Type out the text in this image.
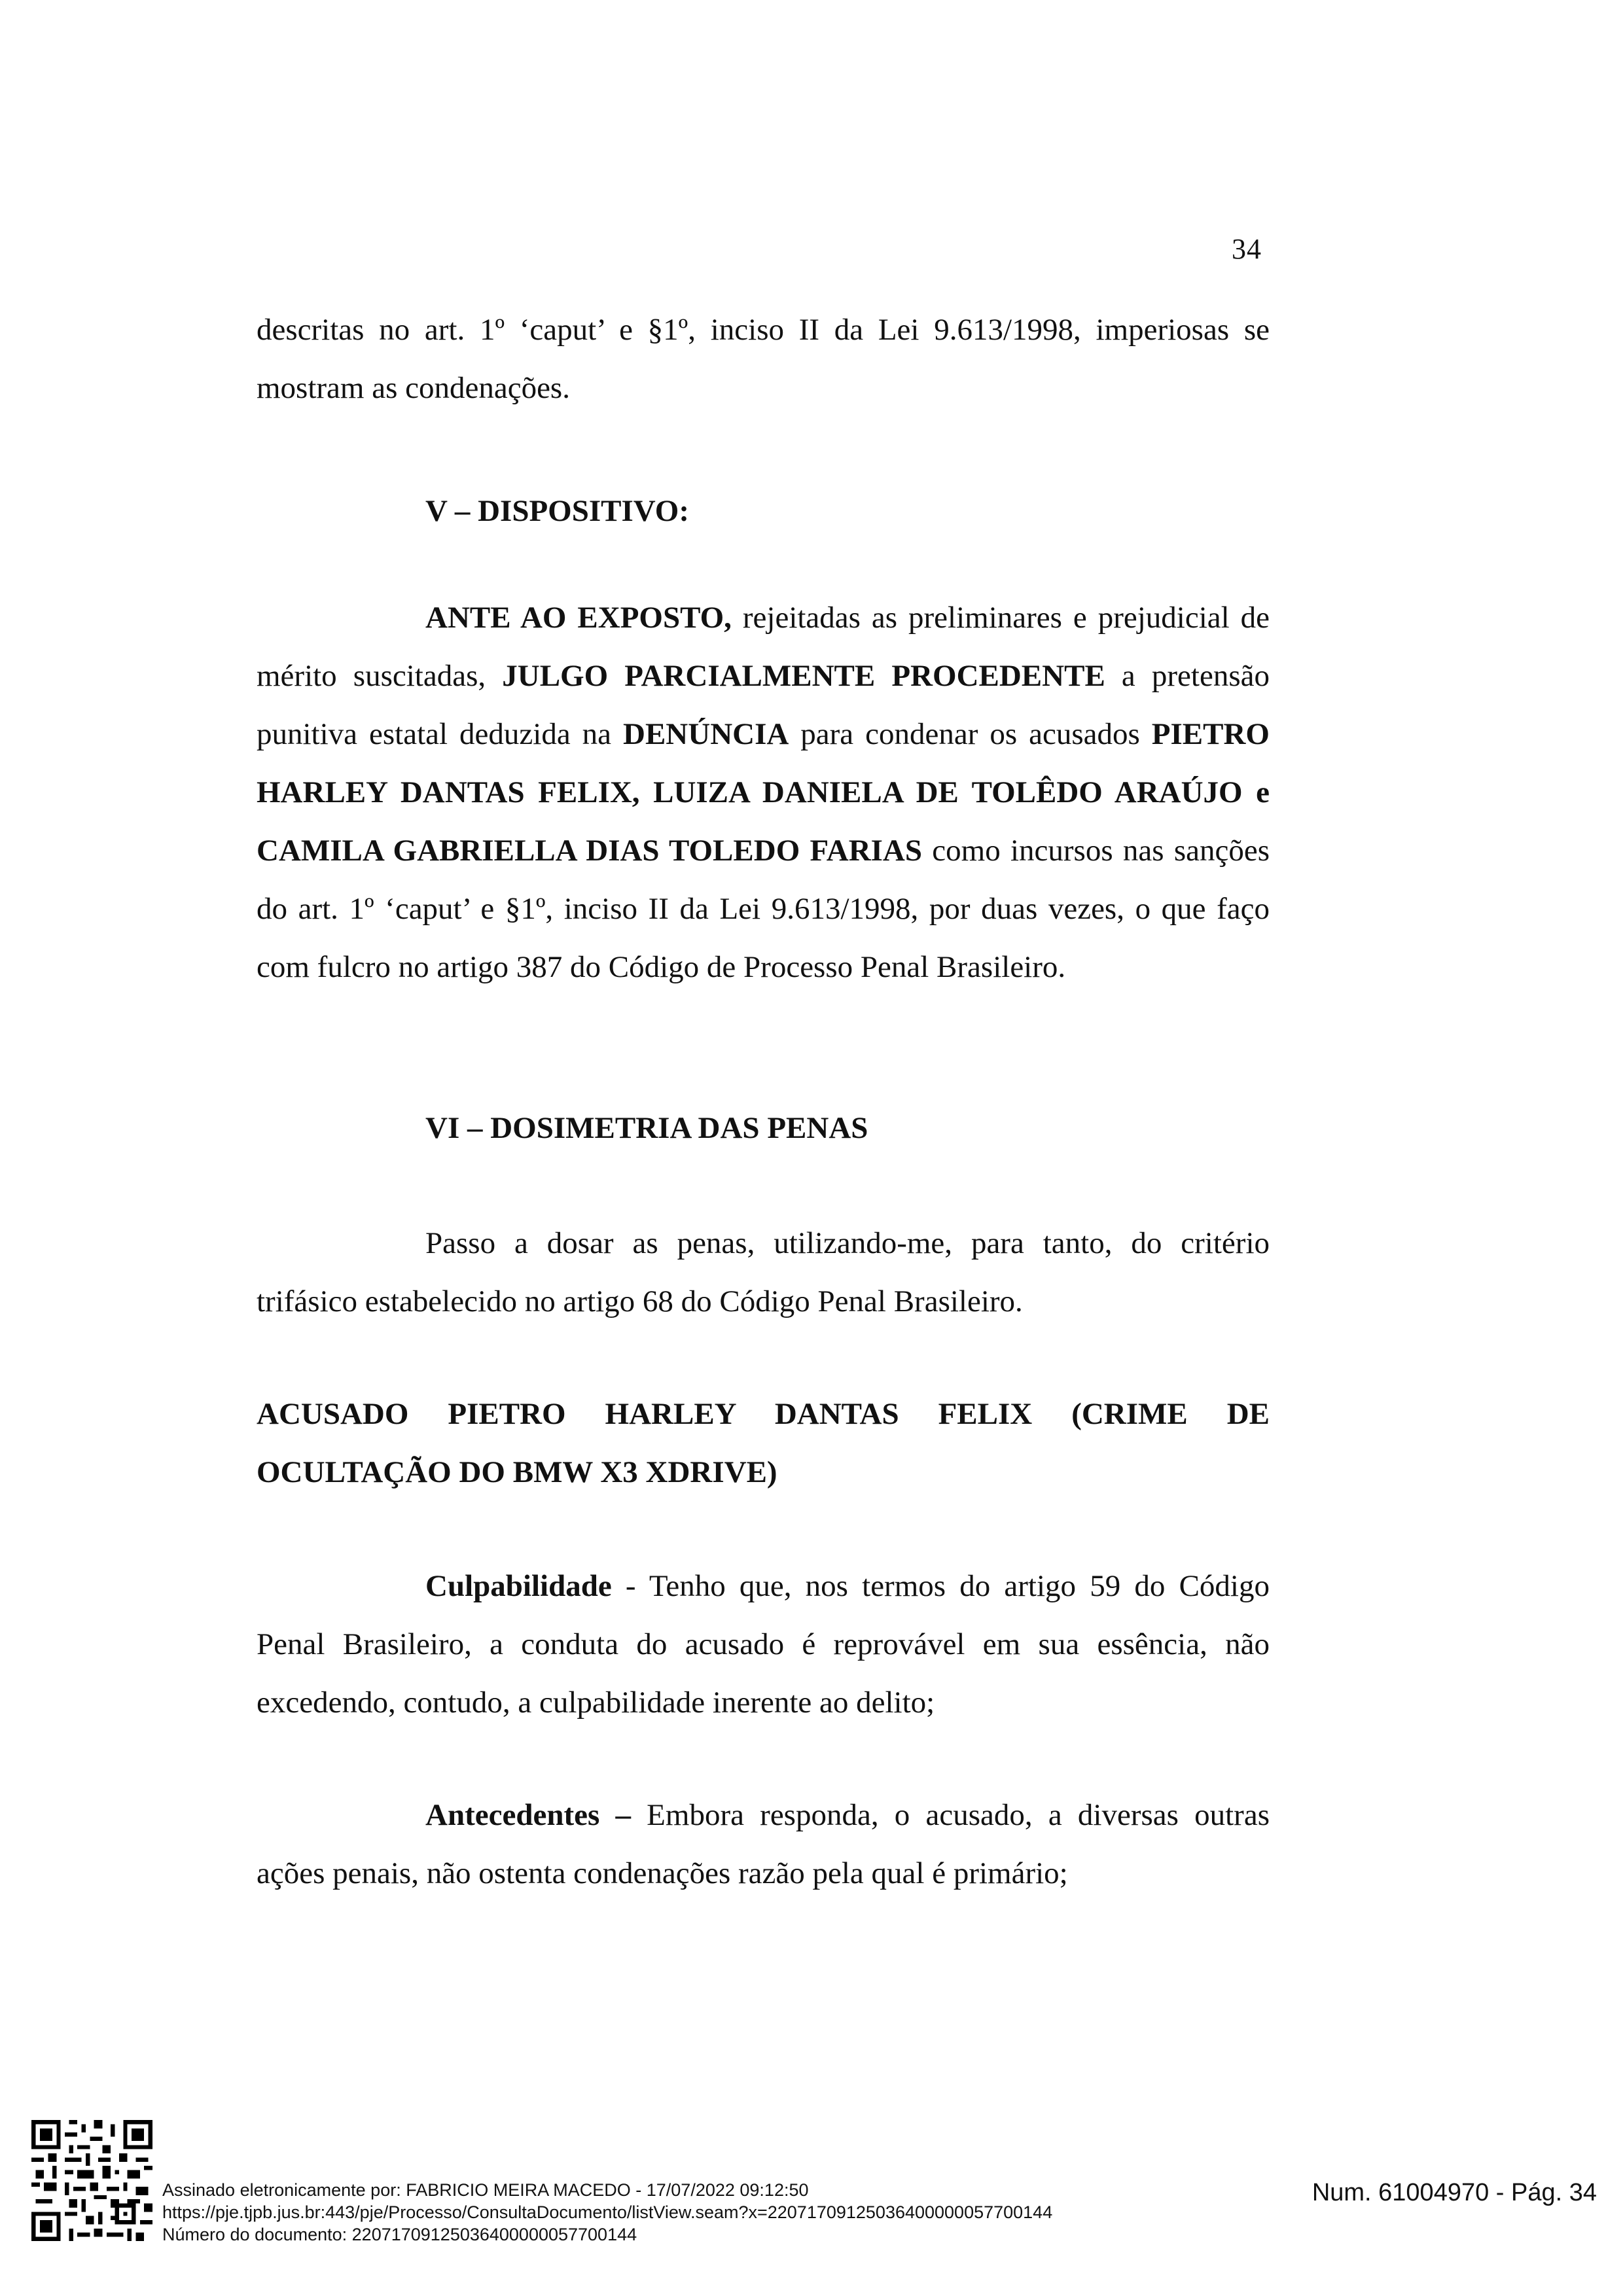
34

descritas no art. 1º ‘caput’ e §1º, inciso II da Lei 9.613/1998, imperiosas se mostram as condenações.

V – DISPOSITIVO:

ANTE AO EXPOSTO, rejeitadas as preliminares e prejudicial de mérito suscitadas, JULGO PARCIALMENTE PROCEDENTE a pretensão punitiva estatal deduzida na DENÚNCIA para condenar os acusados PIETRO HARLEY DANTAS FELIX, LUIZA DANIELA DE TOLÊDO ARAÚJO e CAMILA GABRIELLA DIAS TOLEDO FARIAS como incursos nas sanções do art. 1º ‘caput’ e §1º, inciso II da Lei 9.613/1998, por duas vezes, o que faço com fulcro no artigo 387 do Código de Processo Penal Brasileiro.

VI – DOSIMETRIA DAS PENAS

Passo a dosar as penas, utilizando-me, para tanto, do critério trifásico estabelecido no artigo 68 do Código Penal Brasileiro.

ACUSADO PIETRO HARLEY DANTAS FELIX (CRIME DE OCULTAÇÃO DO BMW X3 XDRIVE)

Culpabilidade - Tenho que, nos termos do artigo 59 do Código Penal Brasileiro, a conduta do acusado é reprovável em sua essência, não excedendo, contudo, a culpabilidade inerente ao delito;

Antecedentes – Embora responda, o acusado, a diversas outras ações penais, não ostenta condenações razão pela qual é primário;

Assinado eletronicamente por: FABRICIO MEIRA MACEDO - 17/07/2022 09:12:50
https://pje.tjpb.jus.br:443/pje/Processo/ConsultaDocumento/listView.seam?x=22071709125036400000057700144
Número do documento: 22071709125036400000057700144
Num. 61004970 - Pág. 34
